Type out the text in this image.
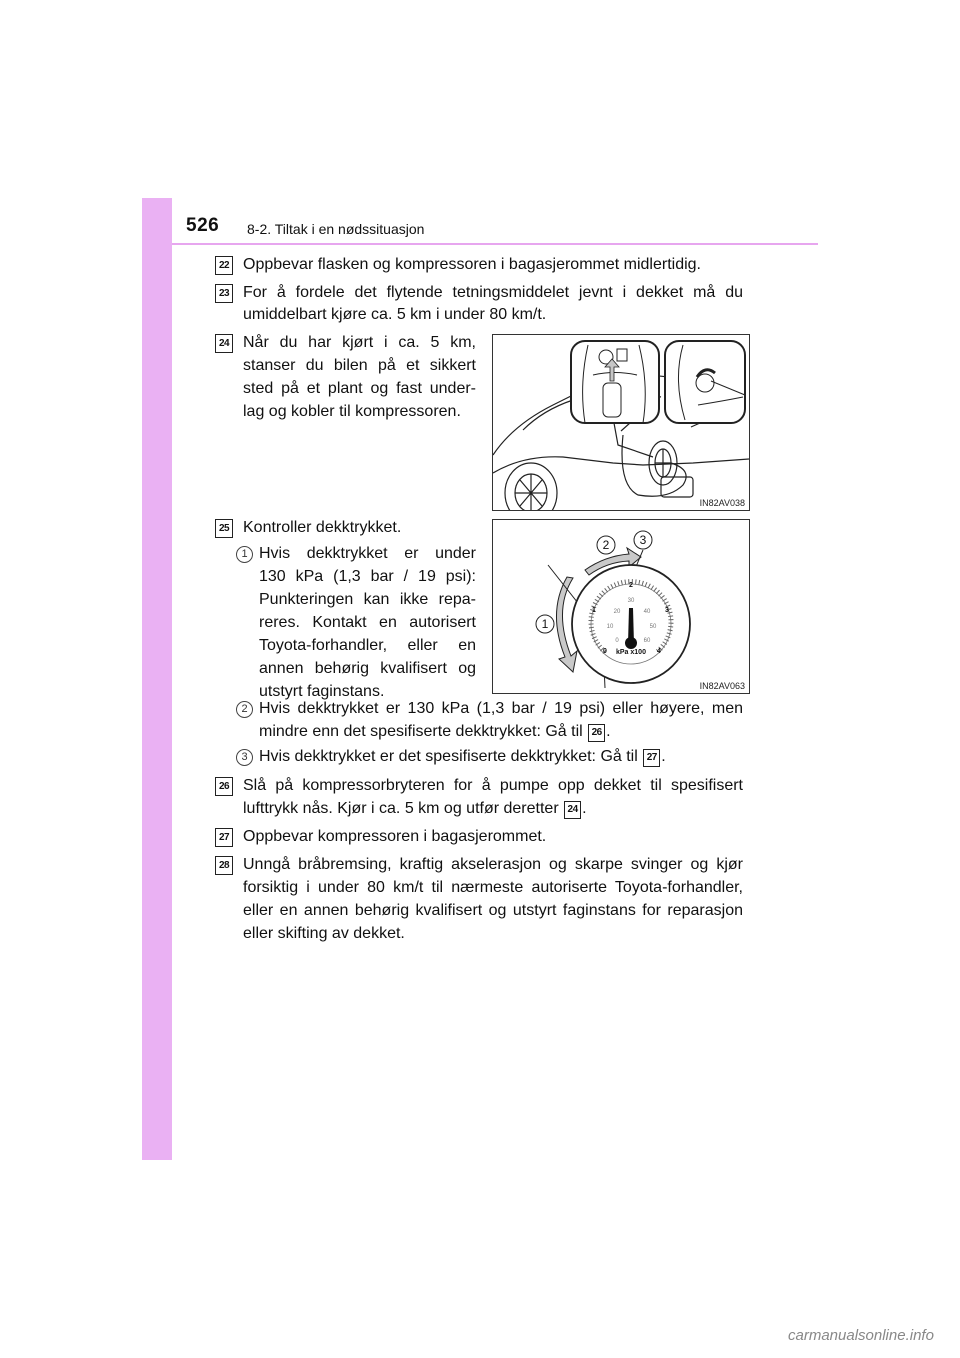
526 8-2. Tiltak i en nødssituasjon
22 Oppbevar flasken og kompressoren i bagasjerommet midlertidig.
23 For å fordele det flytende tetningsmiddelet jevnt i dekket må du
umiddelbart kjøre ca. 5 km i under 80 km/t.
24 Når du har kjørt i ca. 5 km,
stanser du bilen på et sikkert
sted på et plant og fast under-
lag og kobler til kompressoren.
IN82AV038
25 Kontroller dekktrykket.
1 Hvis dekktrykket er under
130 kPa (1,3 bar / 19 psi):
Punkteringen kan ikke repa-
reres. Kontakt en autorisert
Toyota-forhandler, eller en
annen behørig kvalifisert og
utstyrt faginstans.
0
1
2
3
4
0
10
20
30
40
50
60
kPa x100
1
2	3
IN82AV063
2 Hvis dekktrykket er 130 kPa (1,3 bar / 19 psi) eller høyere, men
mindre enn det spesifiserte dekktrykket: Gå til 26 .
3 Hvis dekktrykket er det spesifiserte dekktrykket: Gå til 27 .
26 Slå på kompressorbryteren for å pumpe opp dekket til spesifisert
lufttrykk nås. Kjør i ca. 5 km og utfør deretter 24 .
27 Oppbevar kompressoren i bagasjerommet.
28 Unngå bråbremsing, kraftig akselerasjon og skarpe svinger og kjør
forsiktig i under 80 km/t til nærmeste autoriserte Toyota-forhandler,
eller en annen behørig kvalifisert og utstyrt faginstans for reparasjon
eller skifting av dekket.
carmanualsonline.info
